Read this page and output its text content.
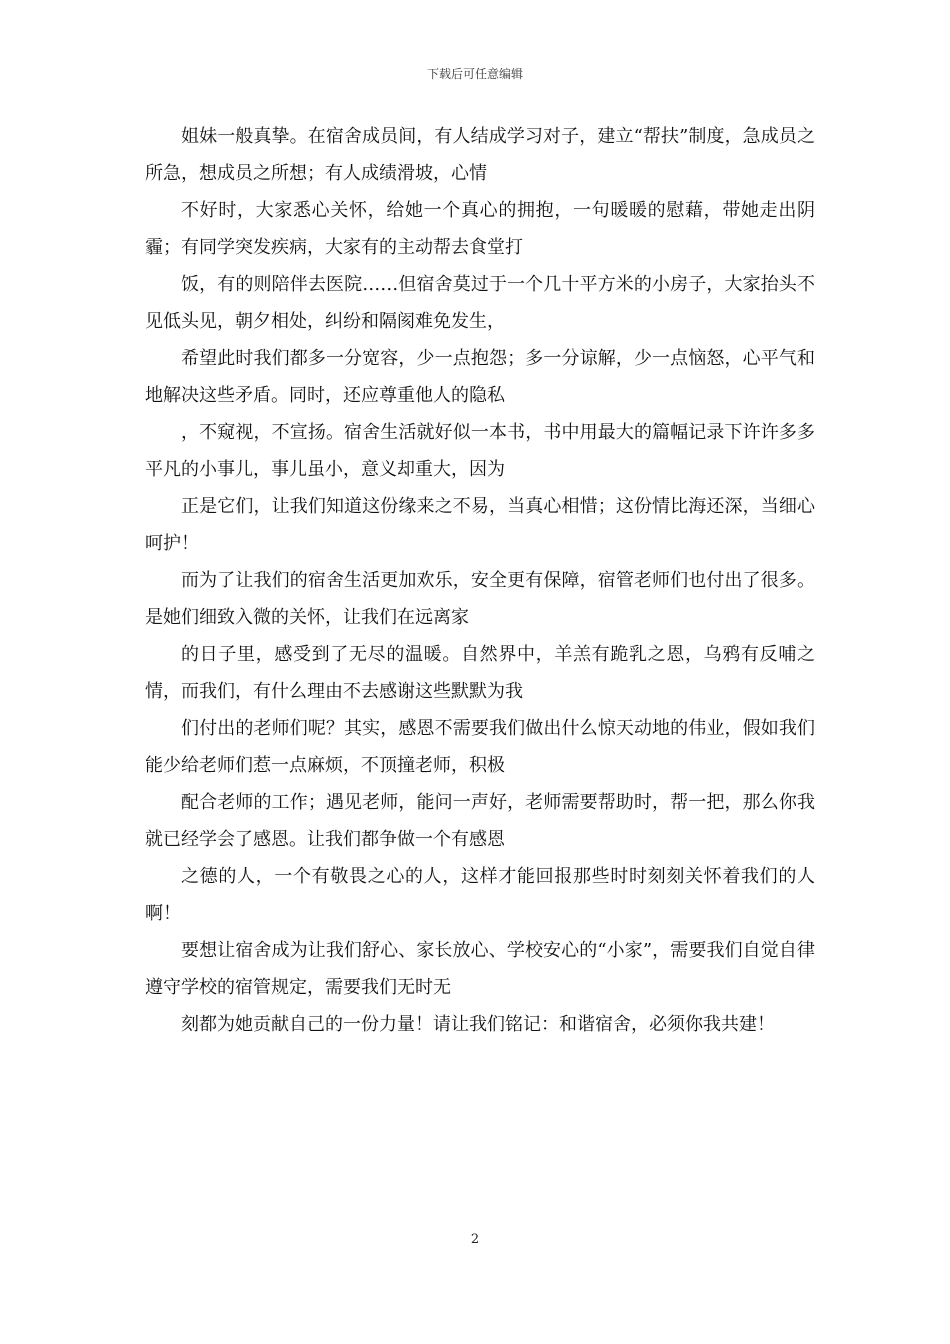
下载后可任意编辑

姐妹一般真挚。在宿舍成员间，有人结成学习对子，建立“帮扶”制度，急成员之所急，想成员之所想；有人成绩滑坡，心情

不好时，大家悉心关怀，给她一个真心的拥抱，一句暖暖的慰藉，带她走出阴霾；有同学突发疾病，大家有的主动帮去食堂打

饭，有的则陪伴去医院……但宿舍莫过于一个几十平方米的小房子，大家抬头不见低头见，朝夕相处，纠纷和隔阂难免发生，

希望此时我们都多一分宽容，少一点抱怨；多一分谅解，少一点恼怒，心平气和地解决这些矛盾。同时，还应尊重他人的隐私

，不窥视，不宣扬。宿舍生活就好似一本书，书中用最大的篇幅记录下许许多多平凡的小事儿，事儿虽小，意义却重大，因为

正是它们，让我们知道这份缘来之不易，当真心相惜；这份情比海还深，当细心呵护！

而为了让我们的宿舍生活更加欢乐，安全更有保障，宿管老师们也付出了很多。是她们细致入微的关怀，让我们在远离家

的日子里，感受到了无尽的温暖。自然界中，羊羔有跪乳之恩，乌鸦有反哺之情，而我们，有什么理由不去感谢这些默默为我

们付出的老师们呢？其实，感恩不需要我们做出什么惊天动地的伟业，假如我们能少给老师们惹一点麻烦，不顶撞老师，积极

配合老师的工作；遇见老师，能问一声好，老师需要帮助时，帮一把，那么你我就已经学会了感恩。让我们都争做一个有感恩

之德的人，一个有敬畏之心的人，这样才能回报那些时时刻刻关怀着我们的人啊！

要想让宿舍成为让我们舒心、家长放心、学校安心的“小家”，需要我们自觉自律遵守学校的宿管规定，需要我们无时无

刻都为她贡献自己的一份力量！请让我们铭记：和谐宿舍，必须你我共建！

2
